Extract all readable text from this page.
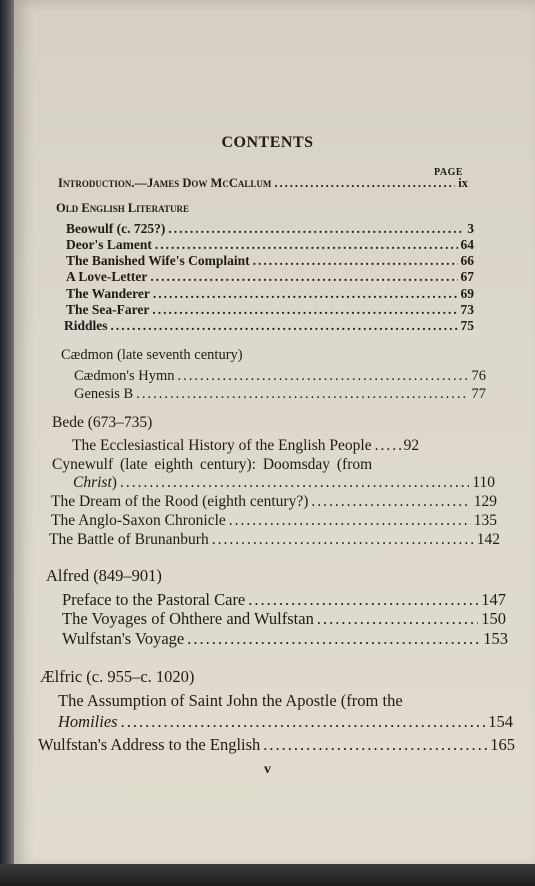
CONTENTS
PAGE
Introduction.—James Dow McCallum .....	ix
Old English Literature
Beowulf (c. 725?) .....	3
Deor's Lament .....	64
The Banished Wife's Complaint .....	66
A Love-Letter .....	67
The Wanderer .....	69
The Sea-Farer .....	73
Riddles .....	75
Cædmon (late seventh century)
Cædmon's Hymn .....	76
Genesis B .....	77
Bede (673–735)
The Ecclesiastical History of the English People ..... 92
Cynewulf (late eighth century): Doomsday (from
Christ) .....	110
The Dream of the Rood (eighth century?) .....	129
The Anglo-Saxon Chronicle .....	135
The Battle of Brunanburh .....	142
Alfred (849–901)
Preface to the Pastoral Care .....	147
The Voyages of Ohthere and Wulfstan .....	150
Wulfstan's Voyage .....	153
Ælfric (c. 955–c. 1020)
The Assumption of Saint John the Apostle (from the
Homilies .....	154
Wulfstan's Address to the English .....	165
v
